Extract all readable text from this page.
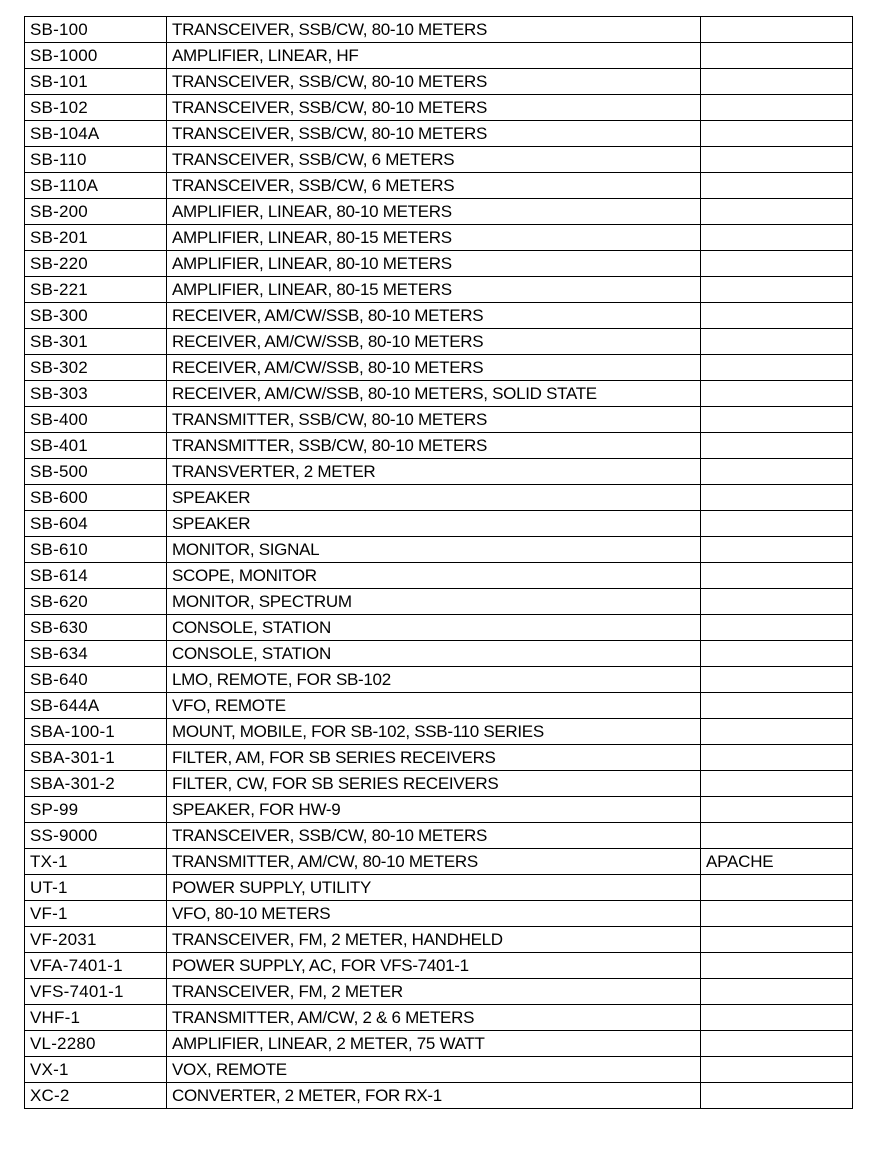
SB-100	TRANSCEIVER, SSB/CW, 80-10 METERS	
SB-1000	AMPLIFIER, LINEAR, HF	
SB-101	TRANSCEIVER, SSB/CW, 80-10 METERS	
SB-102	TRANSCEIVER, SSB/CW, 80-10 METERS	
SB-104A	TRANSCEIVER, SSB/CW, 80-10 METERS	
SB-110	TRANSCEIVER, SSB/CW, 6 METERS	
SB-110A	TRANSCEIVER, SSB/CW, 6 METERS	
SB-200	AMPLIFIER, LINEAR, 80-10 METERS	
SB-201	AMPLIFIER, LINEAR, 80-15 METERS	
SB-220	AMPLIFIER, LINEAR, 80-10 METERS	
SB-221	AMPLIFIER, LINEAR, 80-15 METERS	
SB-300	RECEIVER, AM/CW/SSB, 80-10 METERS	
SB-301	RECEIVER, AM/CW/SSB, 80-10 METERS	
SB-302	RECEIVER, AM/CW/SSB, 80-10 METERS	
SB-303	RECEIVER, AM/CW/SSB, 80-10 METERS, SOLID STATE	
SB-400	TRANSMITTER, SSB/CW, 80-10 METERS	
SB-401	TRANSMITTER, SSB/CW, 80-10 METERS	
SB-500	TRANSVERTER, 2 METER	
SB-600	SPEAKER	
SB-604	SPEAKER	
SB-610	MONITOR, SIGNAL	
SB-614	SCOPE, MONITOR	
SB-620	MONITOR, SPECTRUM	
SB-630	CONSOLE, STATION	
SB-634	CONSOLE, STATION	
SB-640	LMO, REMOTE, FOR SB-102	
SB-644A	VFO, REMOTE	
SBA-100-1	MOUNT, MOBILE, FOR SB-102, SSB-110 SERIES	
SBA-301-1	FILTER, AM, FOR SB SERIES RECEIVERS	
SBA-301-2	FILTER, CW, FOR SB SERIES RECEIVERS	
SP-99	SPEAKER, FOR HW-9	
SS-9000	TRANSCEIVER, SSB/CW, 80-10 METERS	
TX-1	TRANSMITTER, AM/CW, 80-10 METERS	APACHE
UT-1	POWER SUPPLY, UTILITY	
VF-1	VFO, 80-10 METERS	
VF-2031	TRANSCEIVER, FM, 2 METER, HANDHELD	
VFA-7401-1	POWER SUPPLY, AC, FOR VFS-7401-1	
VFS-7401-1	TRANSCEIVER, FM, 2 METER	
VHF-1	TRANSMITTER, AM/CW, 2 & 6 METERS	
VL-2280	AMPLIFIER, LINEAR, 2 METER, 75 WATT	
VX-1	VOX, REMOTE	
XC-2	CONVERTER, 2 METER, FOR RX-1	
